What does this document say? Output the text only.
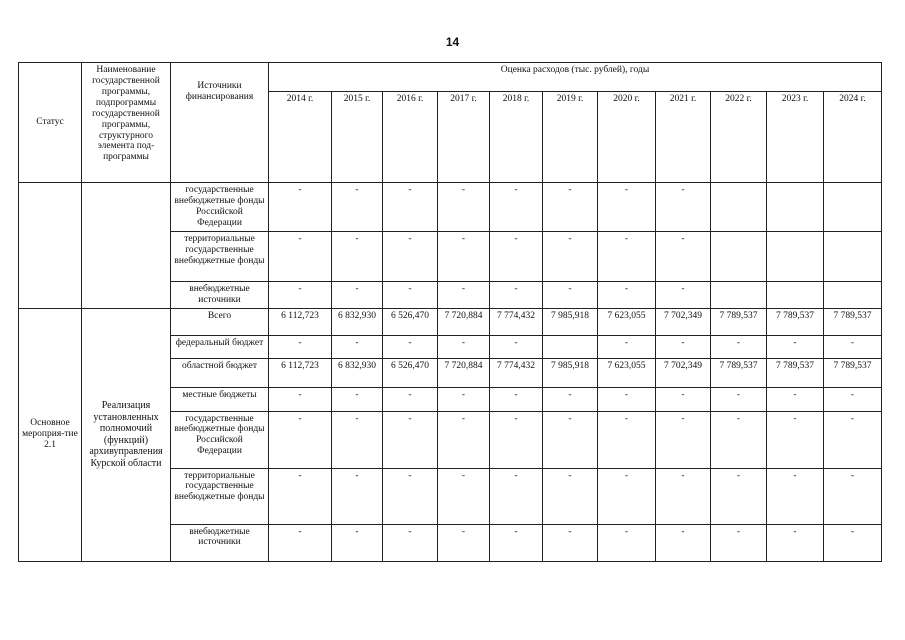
14
Статус	Наименование государственной программы, подпрограммы государственной программы, структурного элемента под-программы	Источники финансирования	Оценка расходов (тыс. рублей), годы										
			2014 г.	2015 г.	2016 г.	2017 г.	2018 г.	2019 г.	2020 г.	2021 г.	2022 г.	2023 г.	2024 г.
		государственные внебюджетные фонды Российской Федерации	-	-	-	-	-	-	-	-			
		территориальные государственные внебюджетные фонды	-	-	-	-	-	-	-	-			
		внебюджетные источники	-	-	-	-	-	-	-	-			
Основное мероприя-тие 2.1	Реализация установленных полномочий (функций) архивуправления Курской области	Всего	6 112,723	6 832,930	6 526,470	7 720,884	7 774,432	7 985,918	7 623,055	7 702,349	7 789,537	7 789,537	7 789,537
		федеральный бюджет	-	-	-	-	-		-	-	-	-	-
		областной бюджет	6 112,723	6 832,930	6 526,470	7 720,884	7 774,432	7 985,918	7 623,055	7 702,349	7 789,537	7 789,537	7 789,537
		местные бюджеты	-	-	-	-	-	-	-	-	-	-	-
		государственные внебюджетные фонды Российской Федерации	-	-	-	-	-	-	-	-	-	-	-
		территориальные государственные внебюджетные фонды	-	-	-	-	-	-	-	-	-	-	-
		внебюджетные источники	-	-	-	-	-	-	-	-	-	-	-
